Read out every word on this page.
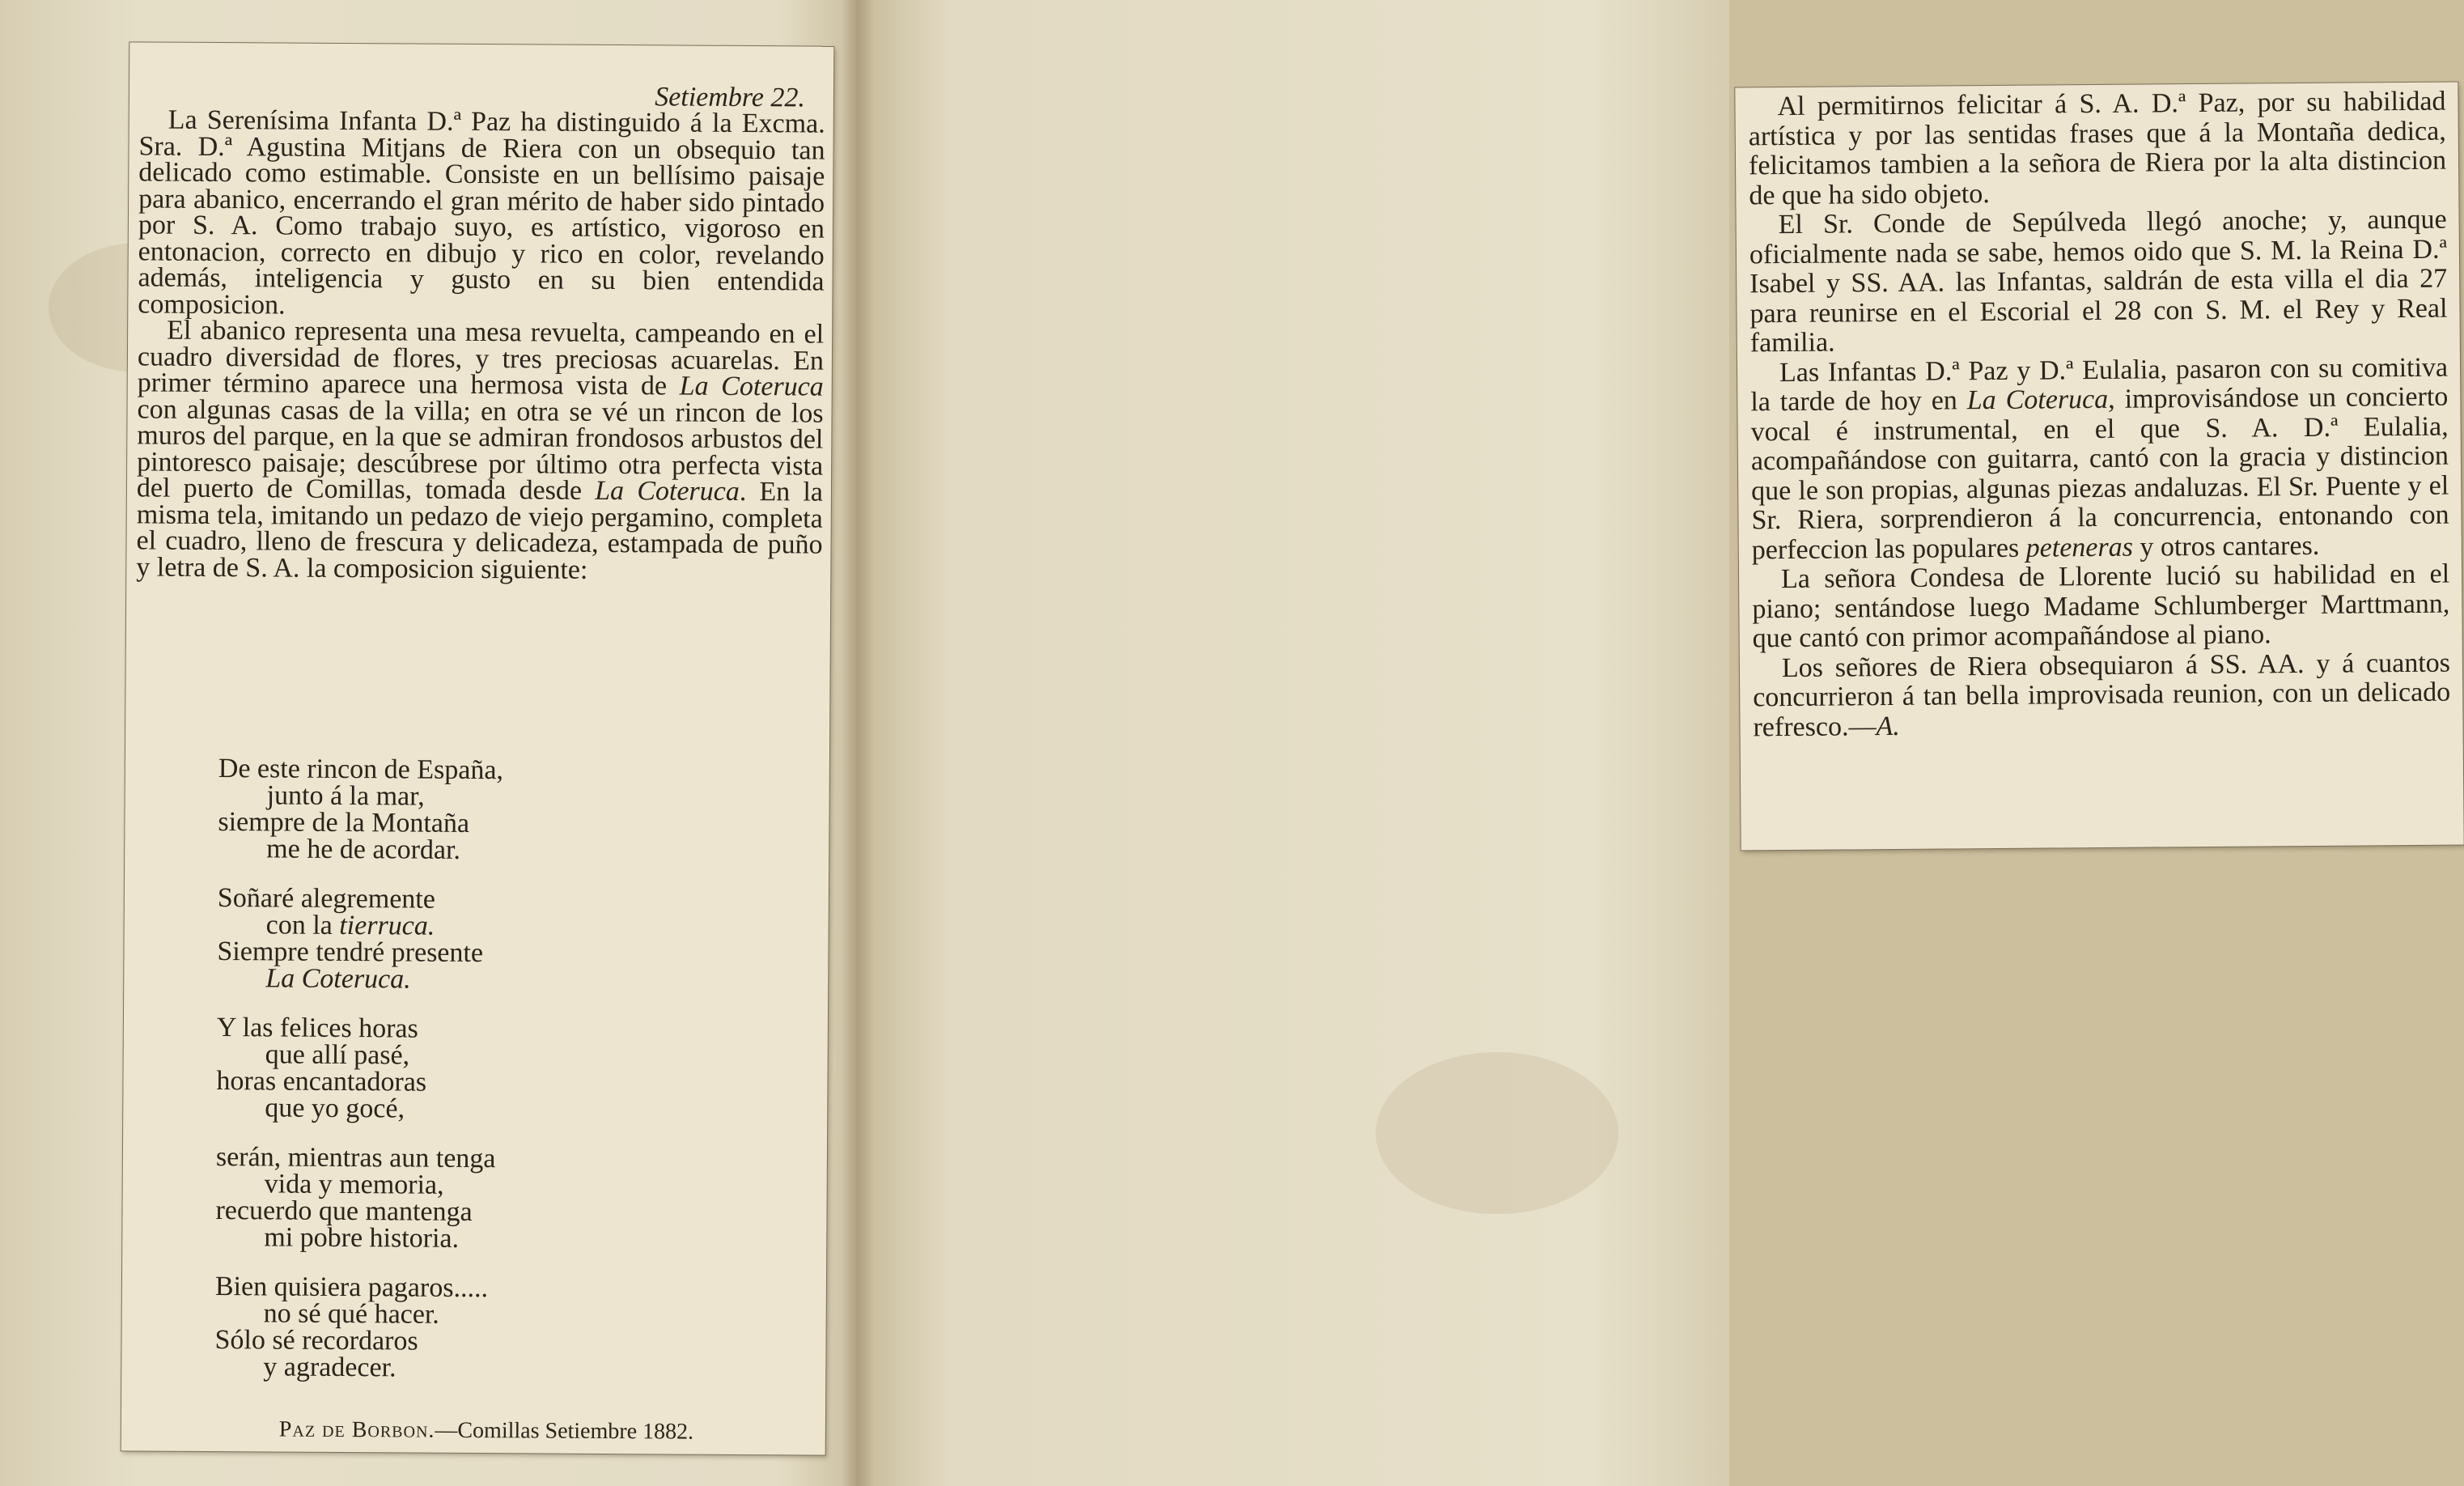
Setiembre 22.

La Serenísima Infanta D.ª Paz ha distinguido á la Excma. Sra. D.ª Agustina Mitjans de Riera con un obsequio tan delicado como estimable. Consiste en un bellísimo paisaje para abanico, encerrando el gran mérito de haber sido pintado por S. A. Como trabajo suyo, es artístico, vigoroso en entonacion, correcto en dibujo y rico en color, revelando además, inteligencia y gusto en su bien entendida composicion.

El abanico representa una mesa revuelta, campeando en el cuadro diversidad de flores, y tres preciosas acuarelas. En primer término aparece una hermosa vista de La Coteruca con algunas casas de la villa; en otra se vé un rincon de los muros del parque, en la que se admiran frondosos arbustos del pintoresco paisaje; descúbrese por último otra perfecta vista del puerto de Comillas, tomada desde La Coteruca. En la misma tela, imitando un pedazo de viejo pergamino, completa el cuadro, lleno de frescura y delicadeza, estampada de puño y letra de S. A. la composicion siguiente:

De este rincon de España,
junto á la mar,
siempre de la Montaña
me he de acordar.
Soñaré alegremente
con la tierruca.
Siempre tendré presente
La Coteruca.
Y las felices horas
que allí pasé,
horas encantadoras
que yo gocé,
serán, mientras aun tenga
vida y memoria,
recuerdo que mantenga
mi pobre historia.
Bien quisiera pagaros.....
no sé qué hacer.
Sólo sé recordaros
y agradecer.
Paz de Borbon.—Comillas Setiembre 1882.

Al permitirnos felicitar á S. A. D.ª Paz, por su habilidad artística y por las sentidas frases que á la Montaña dedica, felicitamos tambien a la señora de Riera por la alta distincion de que ha sido objeto.

El Sr. Conde de Sepúlveda llegó anoche; y, aunque oficialmente nada se sabe, hemos oido que S. M. la Reina D.ª Isabel y SS. AA. las Infantas, saldrán de esta villa el dia 27 para reunirse en el Escorial el 28 con S. M. el Rey y Real familia.

Las Infantas D.ª Paz y D.ª Eulalia, pasaron con su comitiva la tarde de hoy en La Coteruca, improvisándose un concierto vocal é instrumental, en el que S. A. D.ª Eulalia, acompañándose con guitarra, cantó con la gracia y distincion que le son propias, algunas piezas andaluzas. El Sr. Puente y el Sr. Riera, sorprendieron á la concurrencia, entonando con perfeccion las populares peteneras y otros cantares.

La señora Condesa de Llorente lució su habilidad en el piano; sentándose luego Madame Schlumberger Marttmann, que cantó con primor acompañándose al piano.

Los señores de Riera obsequiaron á SS. AA. y á cuantos concurrieron á tan bella improvisada reunion, con un delicado refresco.—A.
